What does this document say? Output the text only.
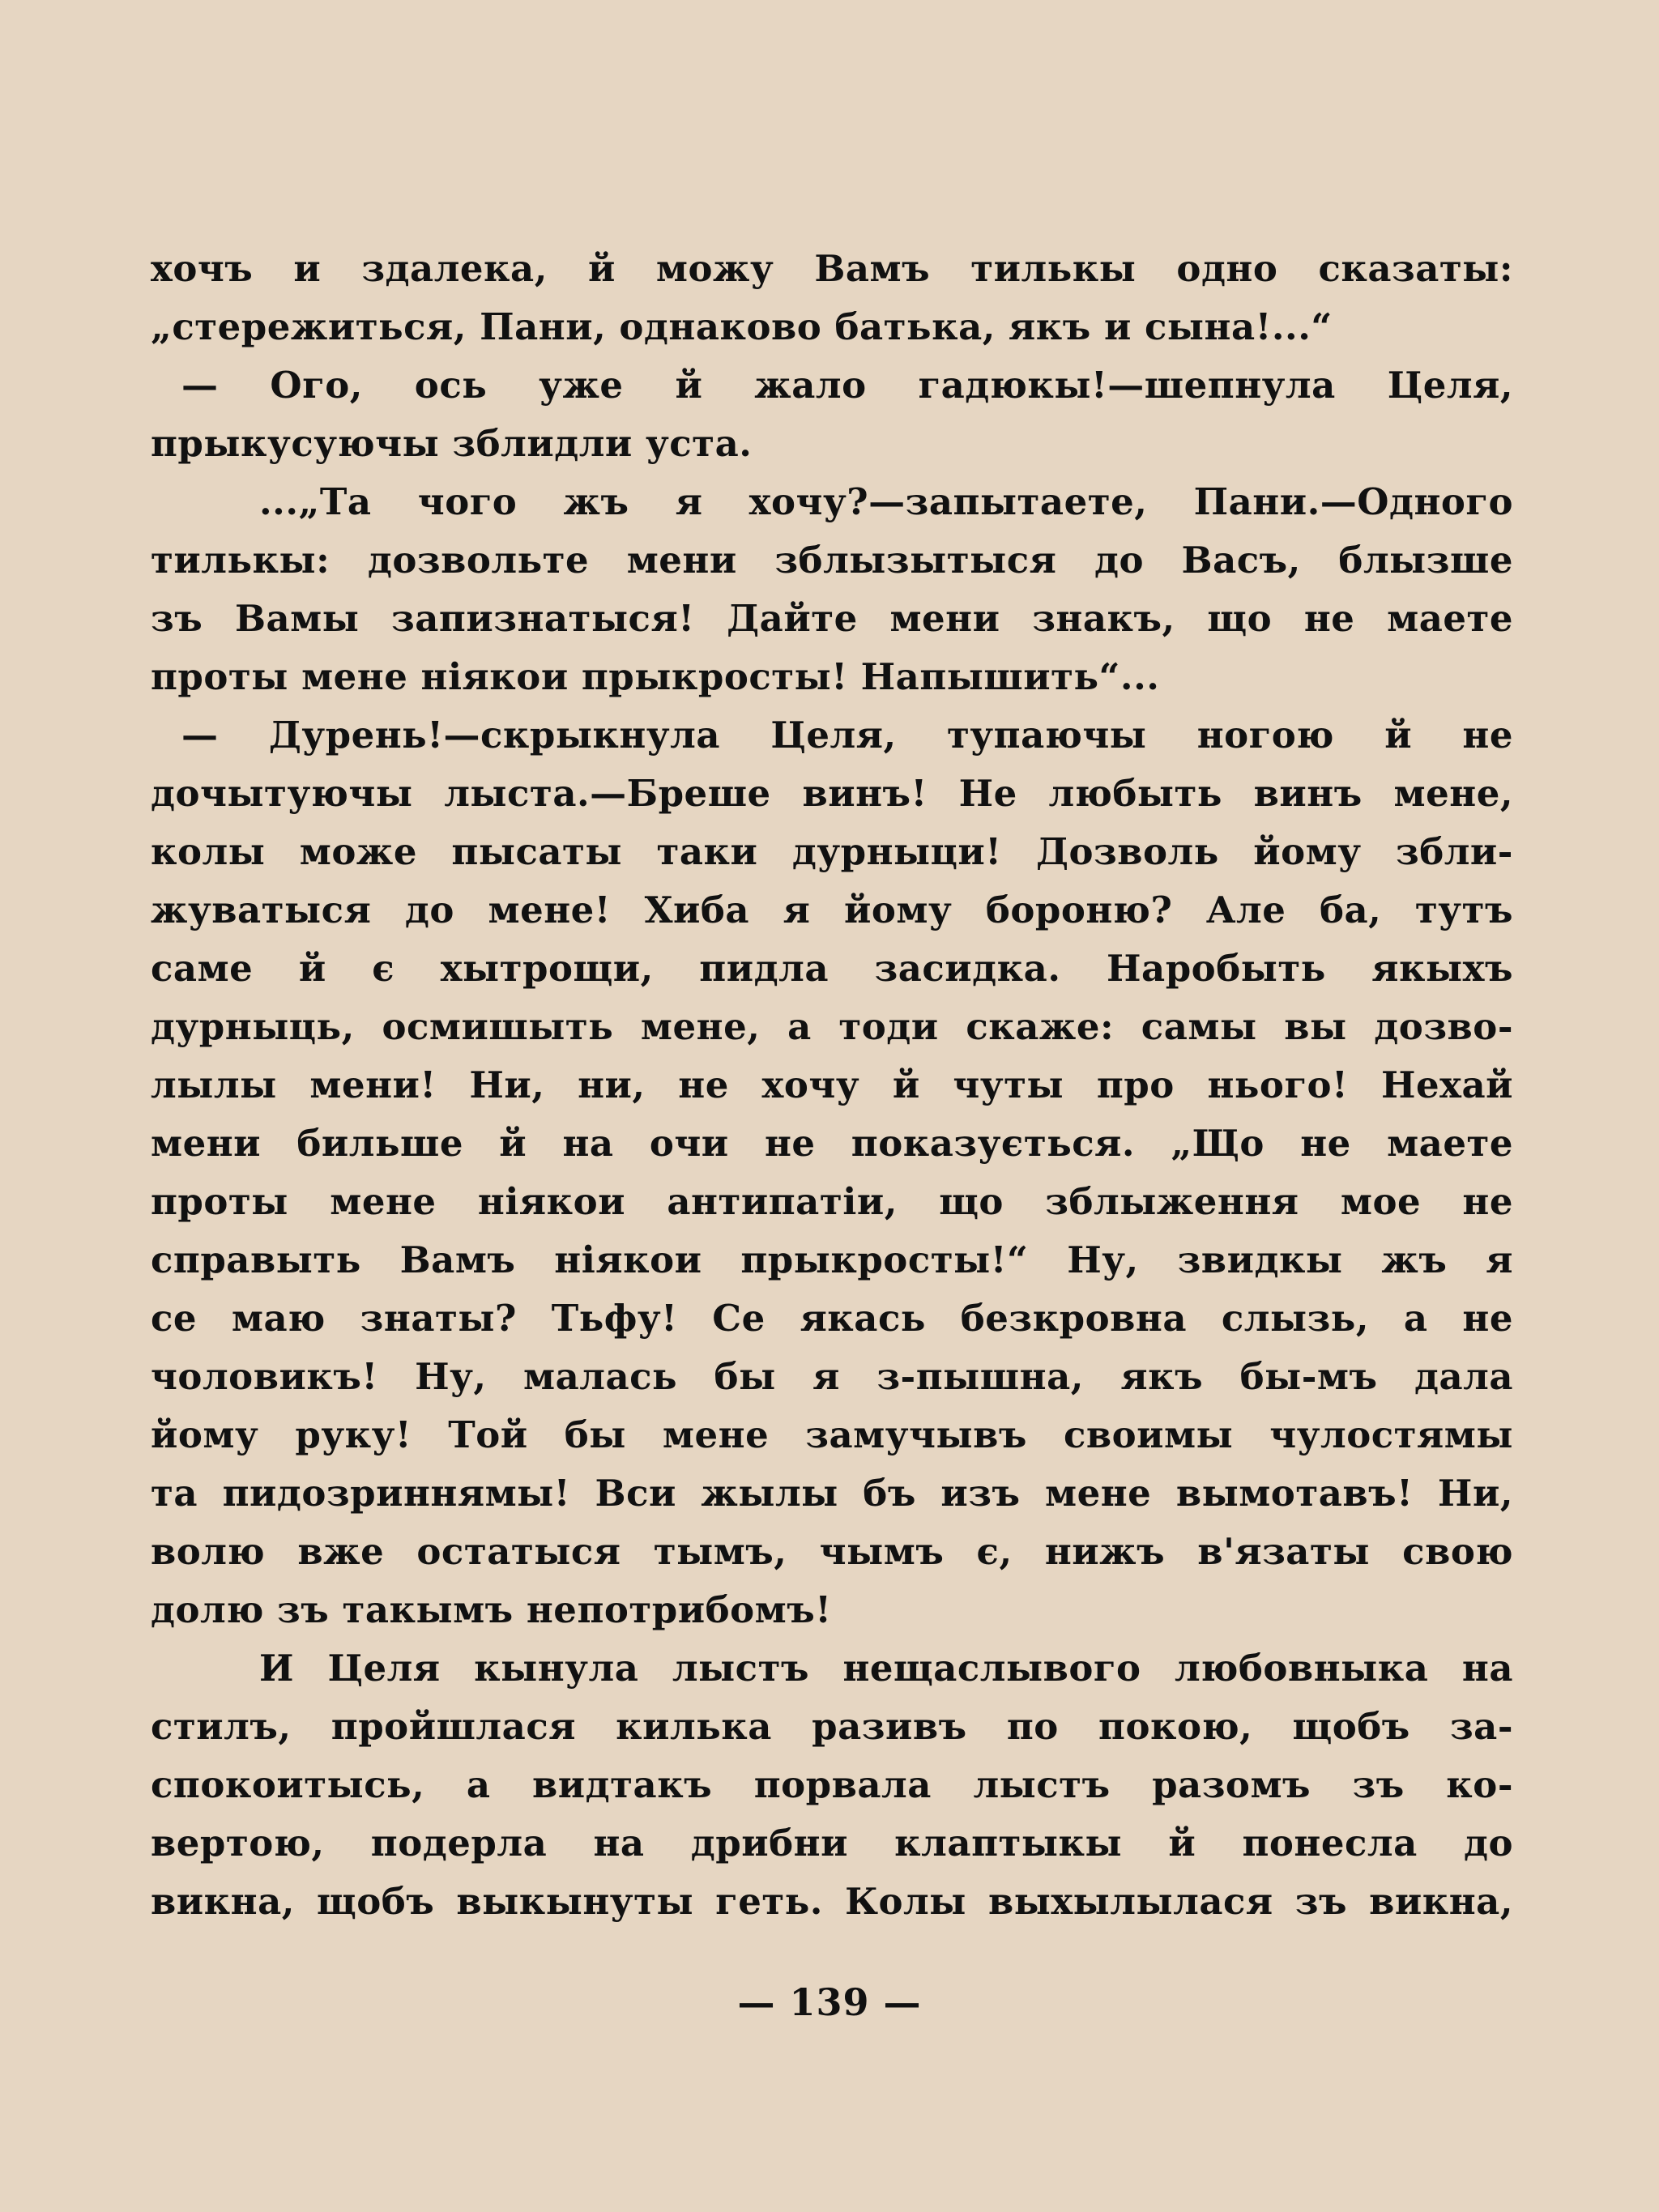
хочъ и здалека, й можу Вамъ тилькы одно сказаты:
„стережиться, Пани, однаково батька, якъ и сына!...“
— Ого, ось уже й жало гадюкы!—шепнула Целя,
прыкусуючы зблидли уста.
...„Та чого жъ я хочу?—запытаете, Пани.—Одного
тилькы: дозвольте мени зблызытыся до Васъ, блызше
зъ Вамы запизнатыся! Дайте мени знакъ, що не маете
проты мене ніякои прыкросты! Напышить“...
— Дурень!—скрыкнула Целя, тупаючы ногою й не
дочытуючы лыста.—Бреше винъ! Не любыть винъ мене,
колы може пысаты таки дурныци! Дозволь йому збли-
жуватыся до мене! Хиба я йому бороню? Але ба, тутъ
саме й є хытрощи, пидла засидка. Наробыть якыхъ
дурныць, осмишыть мене, а тоди скаже: самы вы дозво-
лылы мени! Ни, ни, не хочу й чуты про нього! Нехай
мени бильше й на очи не показується. „Що не маете
проты мене ніякои антипатіи, що зблыження мое не
справыть Вамъ ніякои прыкросты!“ Ну, звидкы жъ я
се маю знаты? Тьфу! Се якась безкровна слызь, а не
чоловикъ! Ну, малась бы я з-пышна, якъ бы-мъ дала
йому руку! Той бы мене замучывъ своимы чулостямы
та пидозриннямы! Вси жылы бъ изъ мене вымотавъ! Ни,
волю вже остатыся тымъ, чымъ є, нижъ в'язаты свою
долю зъ такымъ непотрибомъ!
И Целя кынула лыстъ нещаслывого любовныка на
стилъ, пройшлася килька разивъ по покою, щобъ за-
спокоитысь, а видтакъ порвала лыстъ разомъ зъ ко-
вертою, подерла на дрибни клаптыкы й понесла до
викна, щобъ выкынуты геть. Колы выхылылася зъ викна,
— 139 —
